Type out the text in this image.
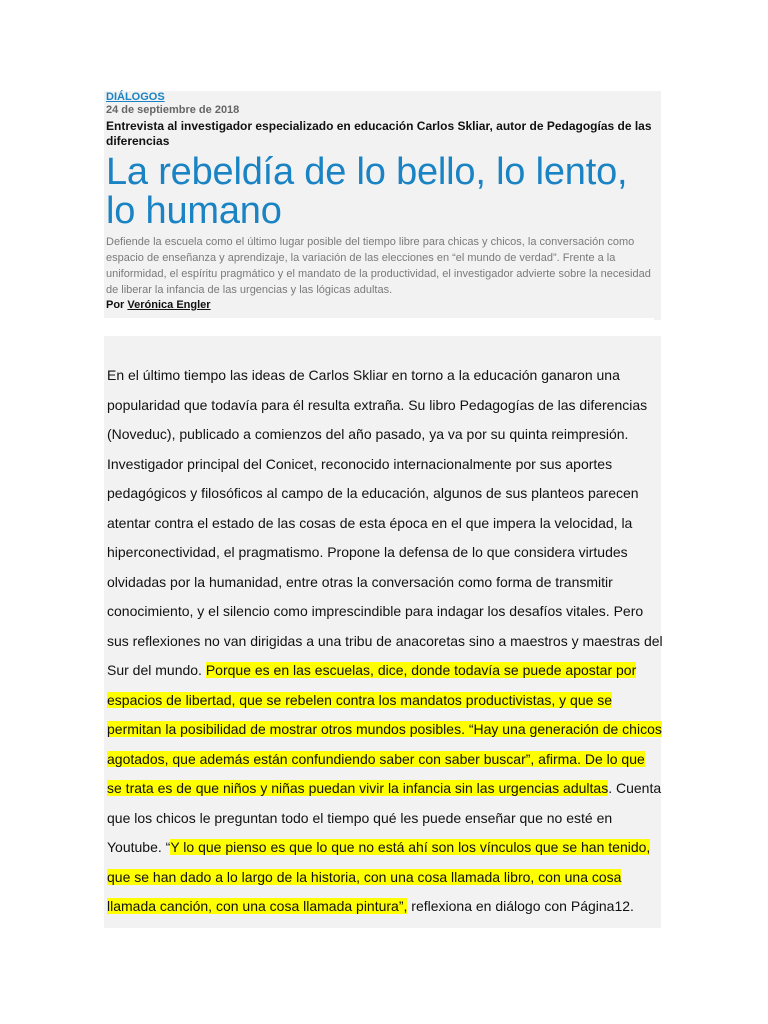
DIÁLOGOS
24 de septiembre de 2018
Entrevista al investigador especializado en educación Carlos Skliar, autor de Pedagogías de las diferencias
La rebeldía de lo bello, lo lento, lo humano
Defiende la escuela como el último lugar posible del tiempo libre para chicas y chicos, la conversación como espacio de enseñanza y aprendizaje, la variación de las elecciones en “el mundo de verdad”. Frente a la uniformidad, el espíritu pragmático y el mandato de la productividad, el investigador advierte sobre la necesidad de liberar la infancia de las urgencias y las lógicas adultas.
Por Verónica Engler
En el último tiempo las ideas de Carlos Skliar en torno a la educación ganaron una popularidad que todavía para él resulta extraña. Su libro Pedagogías de las diferencias (Noveduc), publicado a comienzos del año pasado, ya va por su quinta reimpresión. Investigador principal del Conicet, reconocido internacionalmente por sus aportes pedagógicos y filosóficos al campo de la educación, algunos de sus planteos parecen atentar contra el estado de las cosas de esta época en el que impera la velocidad, la hiperconectividad, el pragmatismo. Propone la defensa de lo que considera virtudes olvidadas por la humanidad, entre otras la conversación como forma de transmitir conocimiento, y el silencio como imprescindible para indagar los desafíos vitales. Pero sus reflexiones no van dirigidas a una tribu de anacoretas sino a maestros y maestras del Sur del mundo. Porque es en las escuelas, dice, donde todavía se puede apostar por espacios de libertad, que se rebelen contra los mandatos productivistas, y que se permitan la posibilidad de mostrar otros mundos posibles. “Hay una generación de chicos agotados, que además están confundiendo saber con saber buscar”, afirma. De lo que se trata es de que niños y niñas puedan vivir la infancia sin las urgencias adultas. Cuenta que los chicos le preguntan todo el tiempo qué les puede enseñar que no esté en Youtube. “Y lo que pienso es que lo que no está ahí son los vínculos que se han tenido, que se han dado a lo largo de la historia, con una cosa llamada libro, con una cosa llamada canción, con una cosa llamada pintura”, reflexiona en diálogo con Página12.
